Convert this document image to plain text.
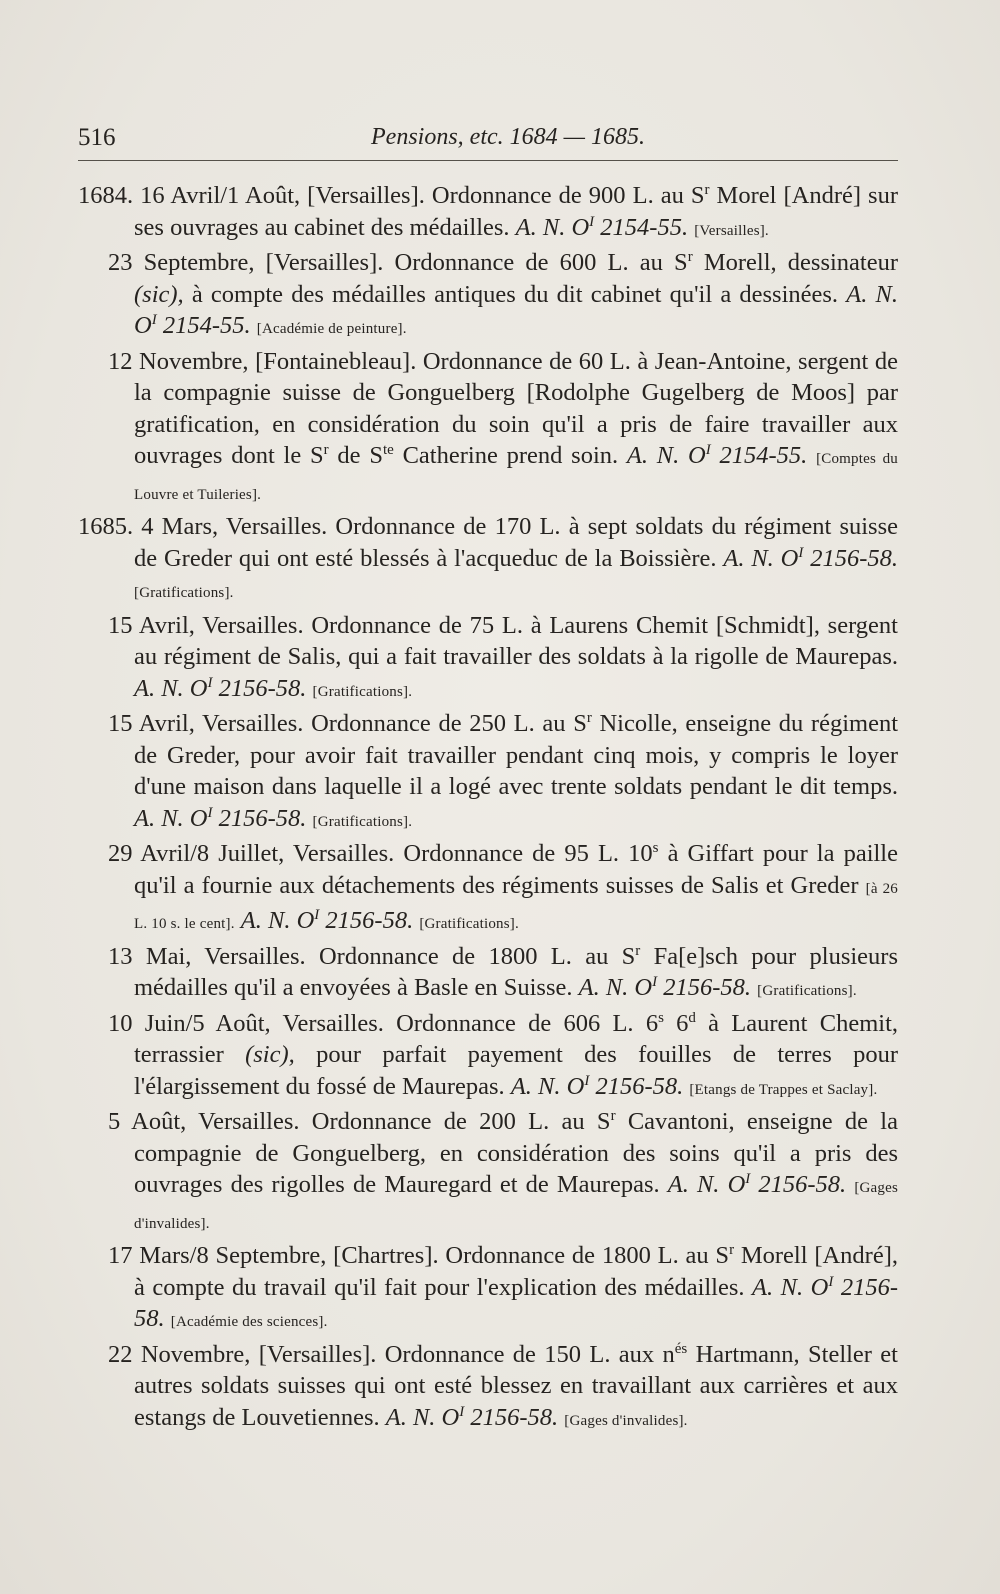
516	Pensions, etc. 1684 — 1685.

1684. 16 Avril/1 Août, [Versailles]. Ordonnance de 900 L. au $S^r$ Morel [André] sur ses ouvrages au cabinet des médailles. A. N. $O^I$ 2154-55. [Versailles].

23 Septembre, [Versailles]. Ordonnance de 600 L. au $S^r$ Morell, dessinateur (sic), à compte des médailles antiques du dit cabinet qu'il a dessinées. A. N. $O^I$ 2154-55. [Académie de peinture].

12 Novembre, [Fontainebleau]. Ordonnance de 60 L. à Jean-Antoine, sergent de la compagnie suisse de Gonguelberg [Rodolphe Gugelberg de Moos] par gratification, en considération du soin qu'il a pris de faire travailler aux ouvrages dont le $S^r$ de $S^{te}$ Catherine prend soin. A. N. $O^I$ 2154-55. [Comptes du Louvre et Tuileries].

1685. 4 Mars, Versailles. Ordonnance de 170 L. à sept soldats du régiment suisse de Greder qui ont esté blessés à l'acqueduc de la Boissière. A. N. $O^I$ 2156-58. [Gratifications].

15 Avril, Versailles. Ordonnance de 75 L. à Laurens Chemit [Schmidt], sergent au régiment de Salis, qui a fait travailler des soldats à la rigolle de Maurepas. A. N. $O^I$ 2156-58. [Gratifications].

15 Avril, Versailles. Ordonnance de 250 L. au $S^r$ Nicolle, enseigne du régiment de Greder, pour avoir fait travailler pendant cinq mois, y compris le loyer d'une maison dans laquelle il a logé avec trente soldats pendant le dit temps. A. N. $O^I$ 2156-58. [Gratifications].

29 Avril/8 Juillet, Versailles. Ordonnance de 95 L. 10$^s$ à Giffart pour la paille qu'il a fournie aux détachements des régiments suisses de Salis et Greder [à 26 L. 10 s. le cent]. A. N. $O^I$ 2156-58. [Gratifications].

13 Mai, Versailles. Ordonnance de 1800 L. au $S^r$ Fa[e]sch pour plusieurs médailles qu'il a envoyées à Basle en Suisse. A. N. $O^I$ 2156-58. [Gratifications].

10 Juin/5 Août, Versailles. Ordonnance de 606 L. 6$^s$ 6$^d$ à Laurent Chemit, terrassier (sic), pour parfait payement des fouilles de terres pour l'élargissement du fossé de Maurepas. A. N. $O^I$ 2156-58. [Etangs de Trappes et Saclay].

5 Août, Versailles. Ordonnance de 200 L. au $S^r$ Cavantoni, enseigne de la compagnie de Gonguelberg, en considération des soins qu'il a pris des ouvrages des rigolles de Mauregard et de Maurepas. A. N. $O^I$ 2156-58. [Gages d'invalides].

17 Mars/8 Septembre, [Chartres]. Ordonnance de 1800 L. au $S^r$ Morell [André], à compte du travail qu'il fait pour l'explication des médailles. A. N. $O^I$ 2156-58. [Académie des sciences].

22 Novembre, [Versailles]. Ordonnance de 150 L. aux $n^{és}$ Hartmann, Steller et autres soldats suisses qui ont esté blessez en travaillant aux carrières et aux estangs de Louvetiennes. A. N. $O^I$ 2156-58. [Gages d'invalides].
